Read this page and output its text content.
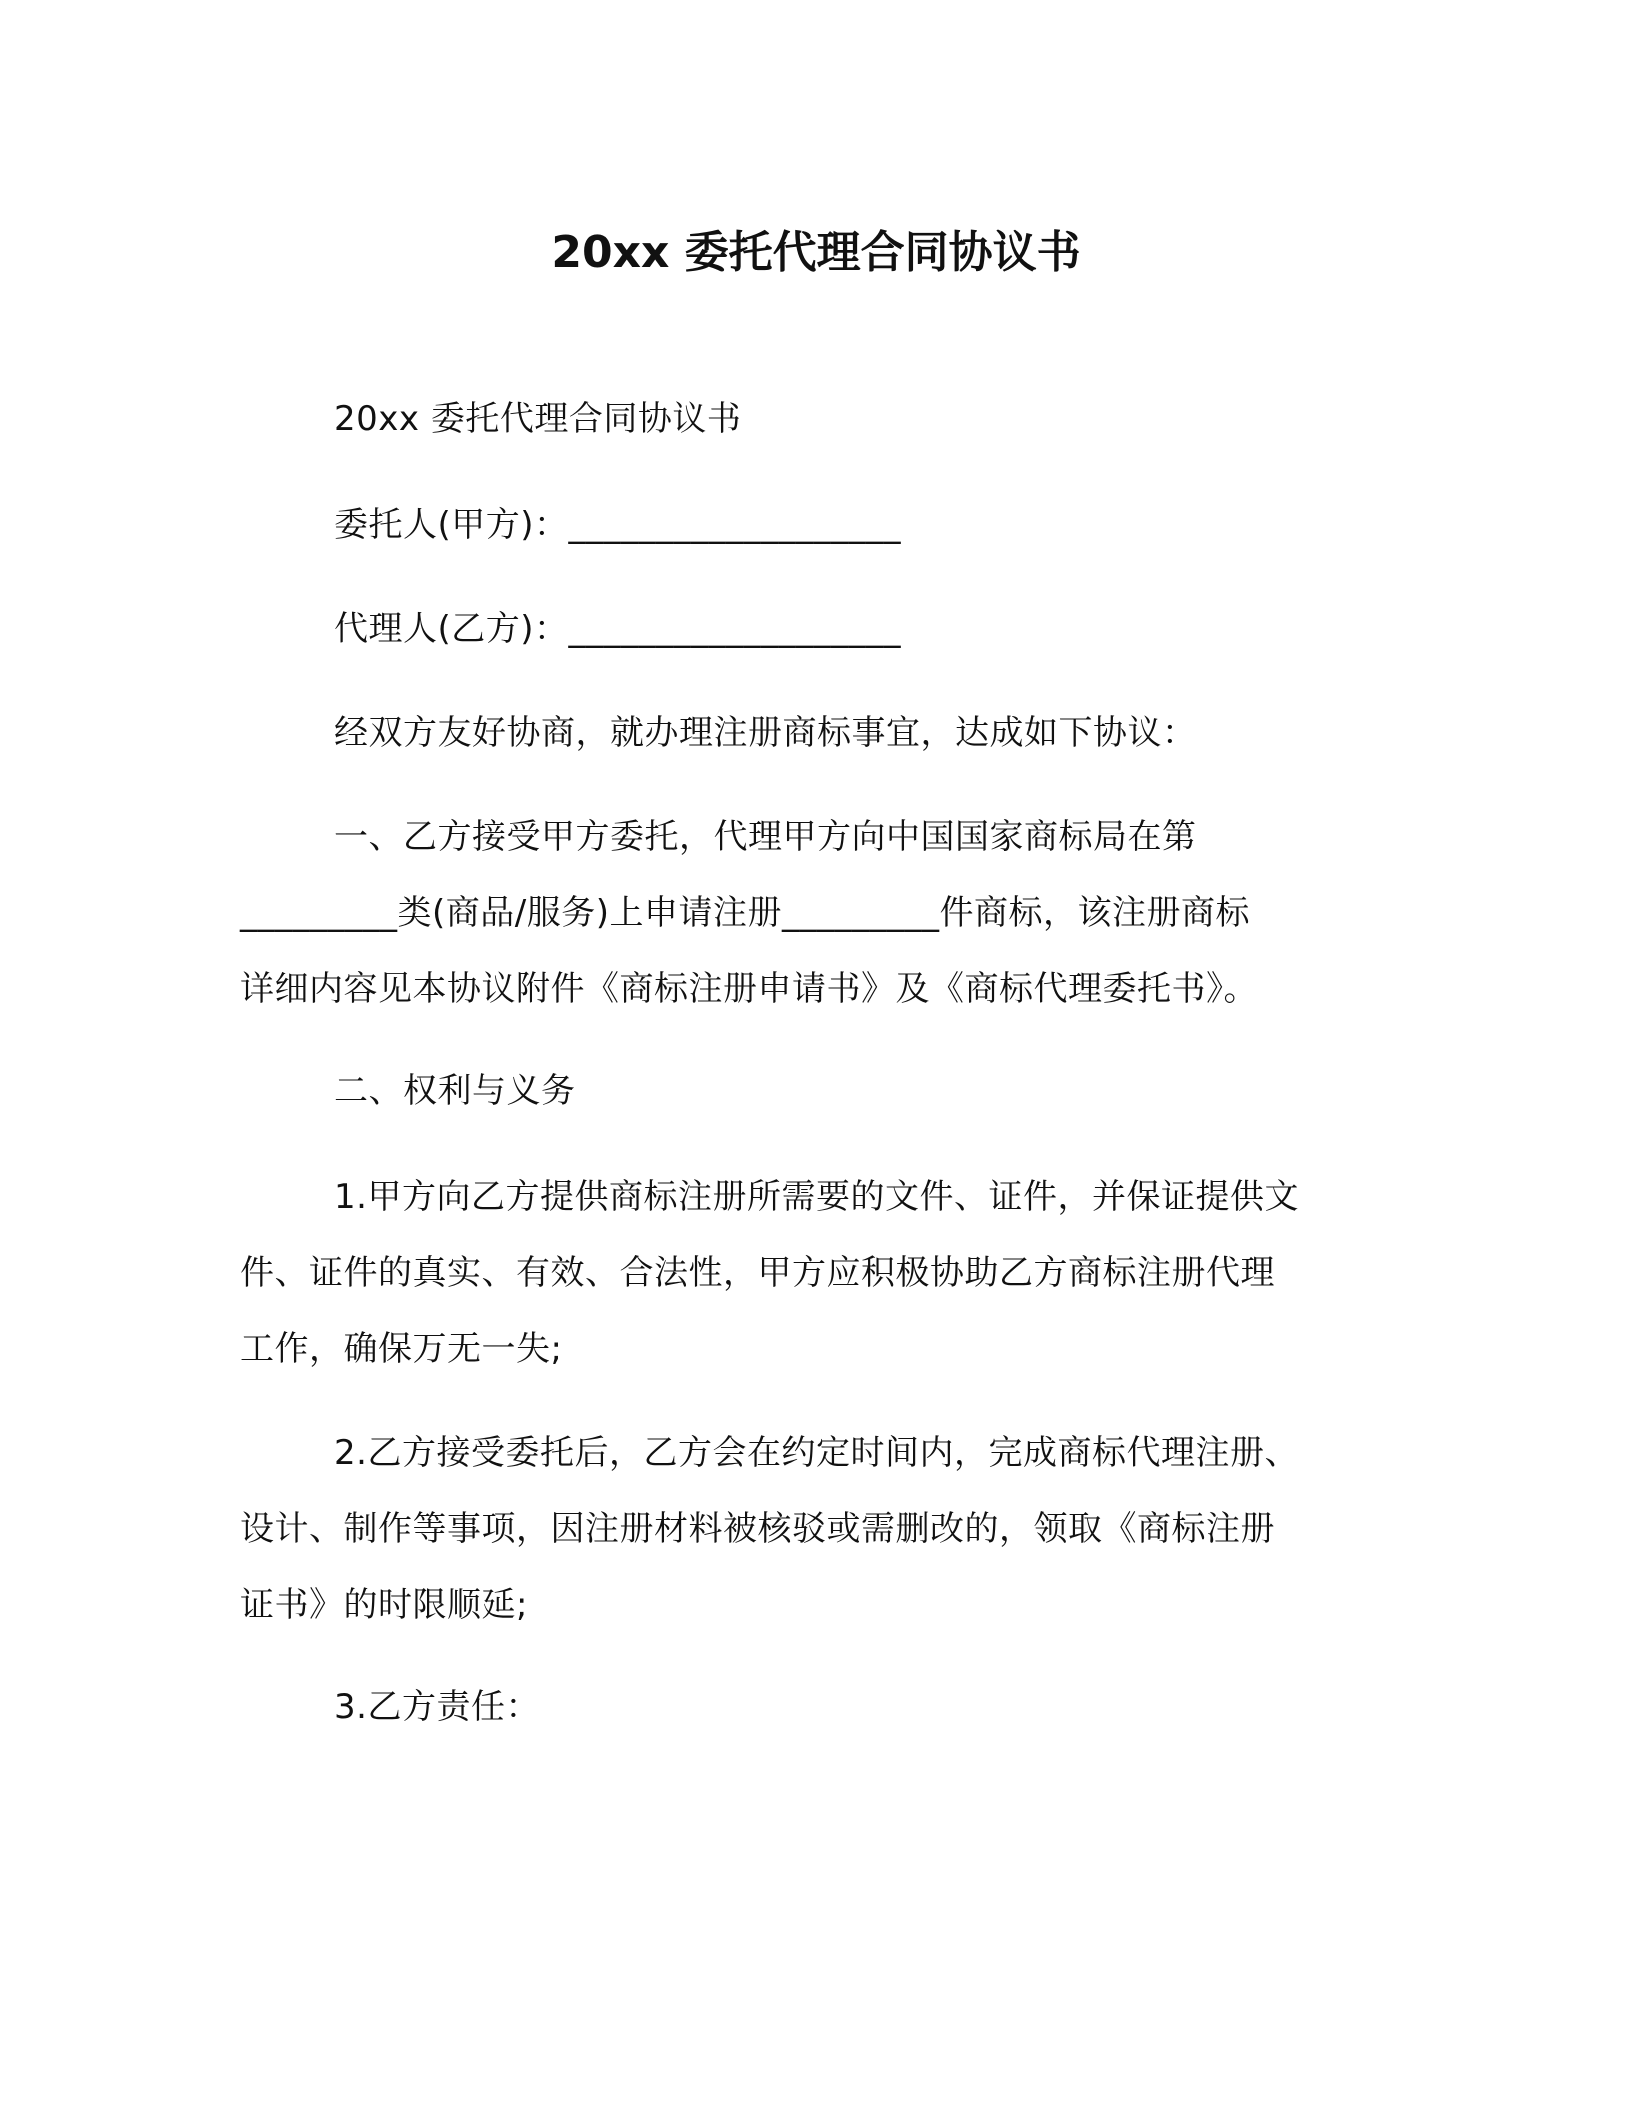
20xx 委托代理合同协议书
20xx 委托代理合同协议书
委托人(甲方)：___________________
代理人(乙方)：___________________
经双方友好协商，就办理注册商标事宜，达成如下协议：
一、乙方接受甲方委托，代理甲方向中国国家商标局在第
_________类(商品/服务)上申请注册_________件商标，该注册商标
详细内容见本协议附件《商标注册申请书》及《商标代理委托书》。
二、权利与义务
1.甲方向乙方提供商标注册所需要的文件、证件，并保证提供文
件、证件的真实、有效、合法性，甲方应积极协助乙方商标注册代理
工作，确保万无一失;
2.乙方接受委托后，乙方会在约定时间内，完成商标代理注册、
设计、制作等事项，因注册材料被核驳或需删改的，领取《商标注册
证书》的时限顺延;
3.乙方责任：
